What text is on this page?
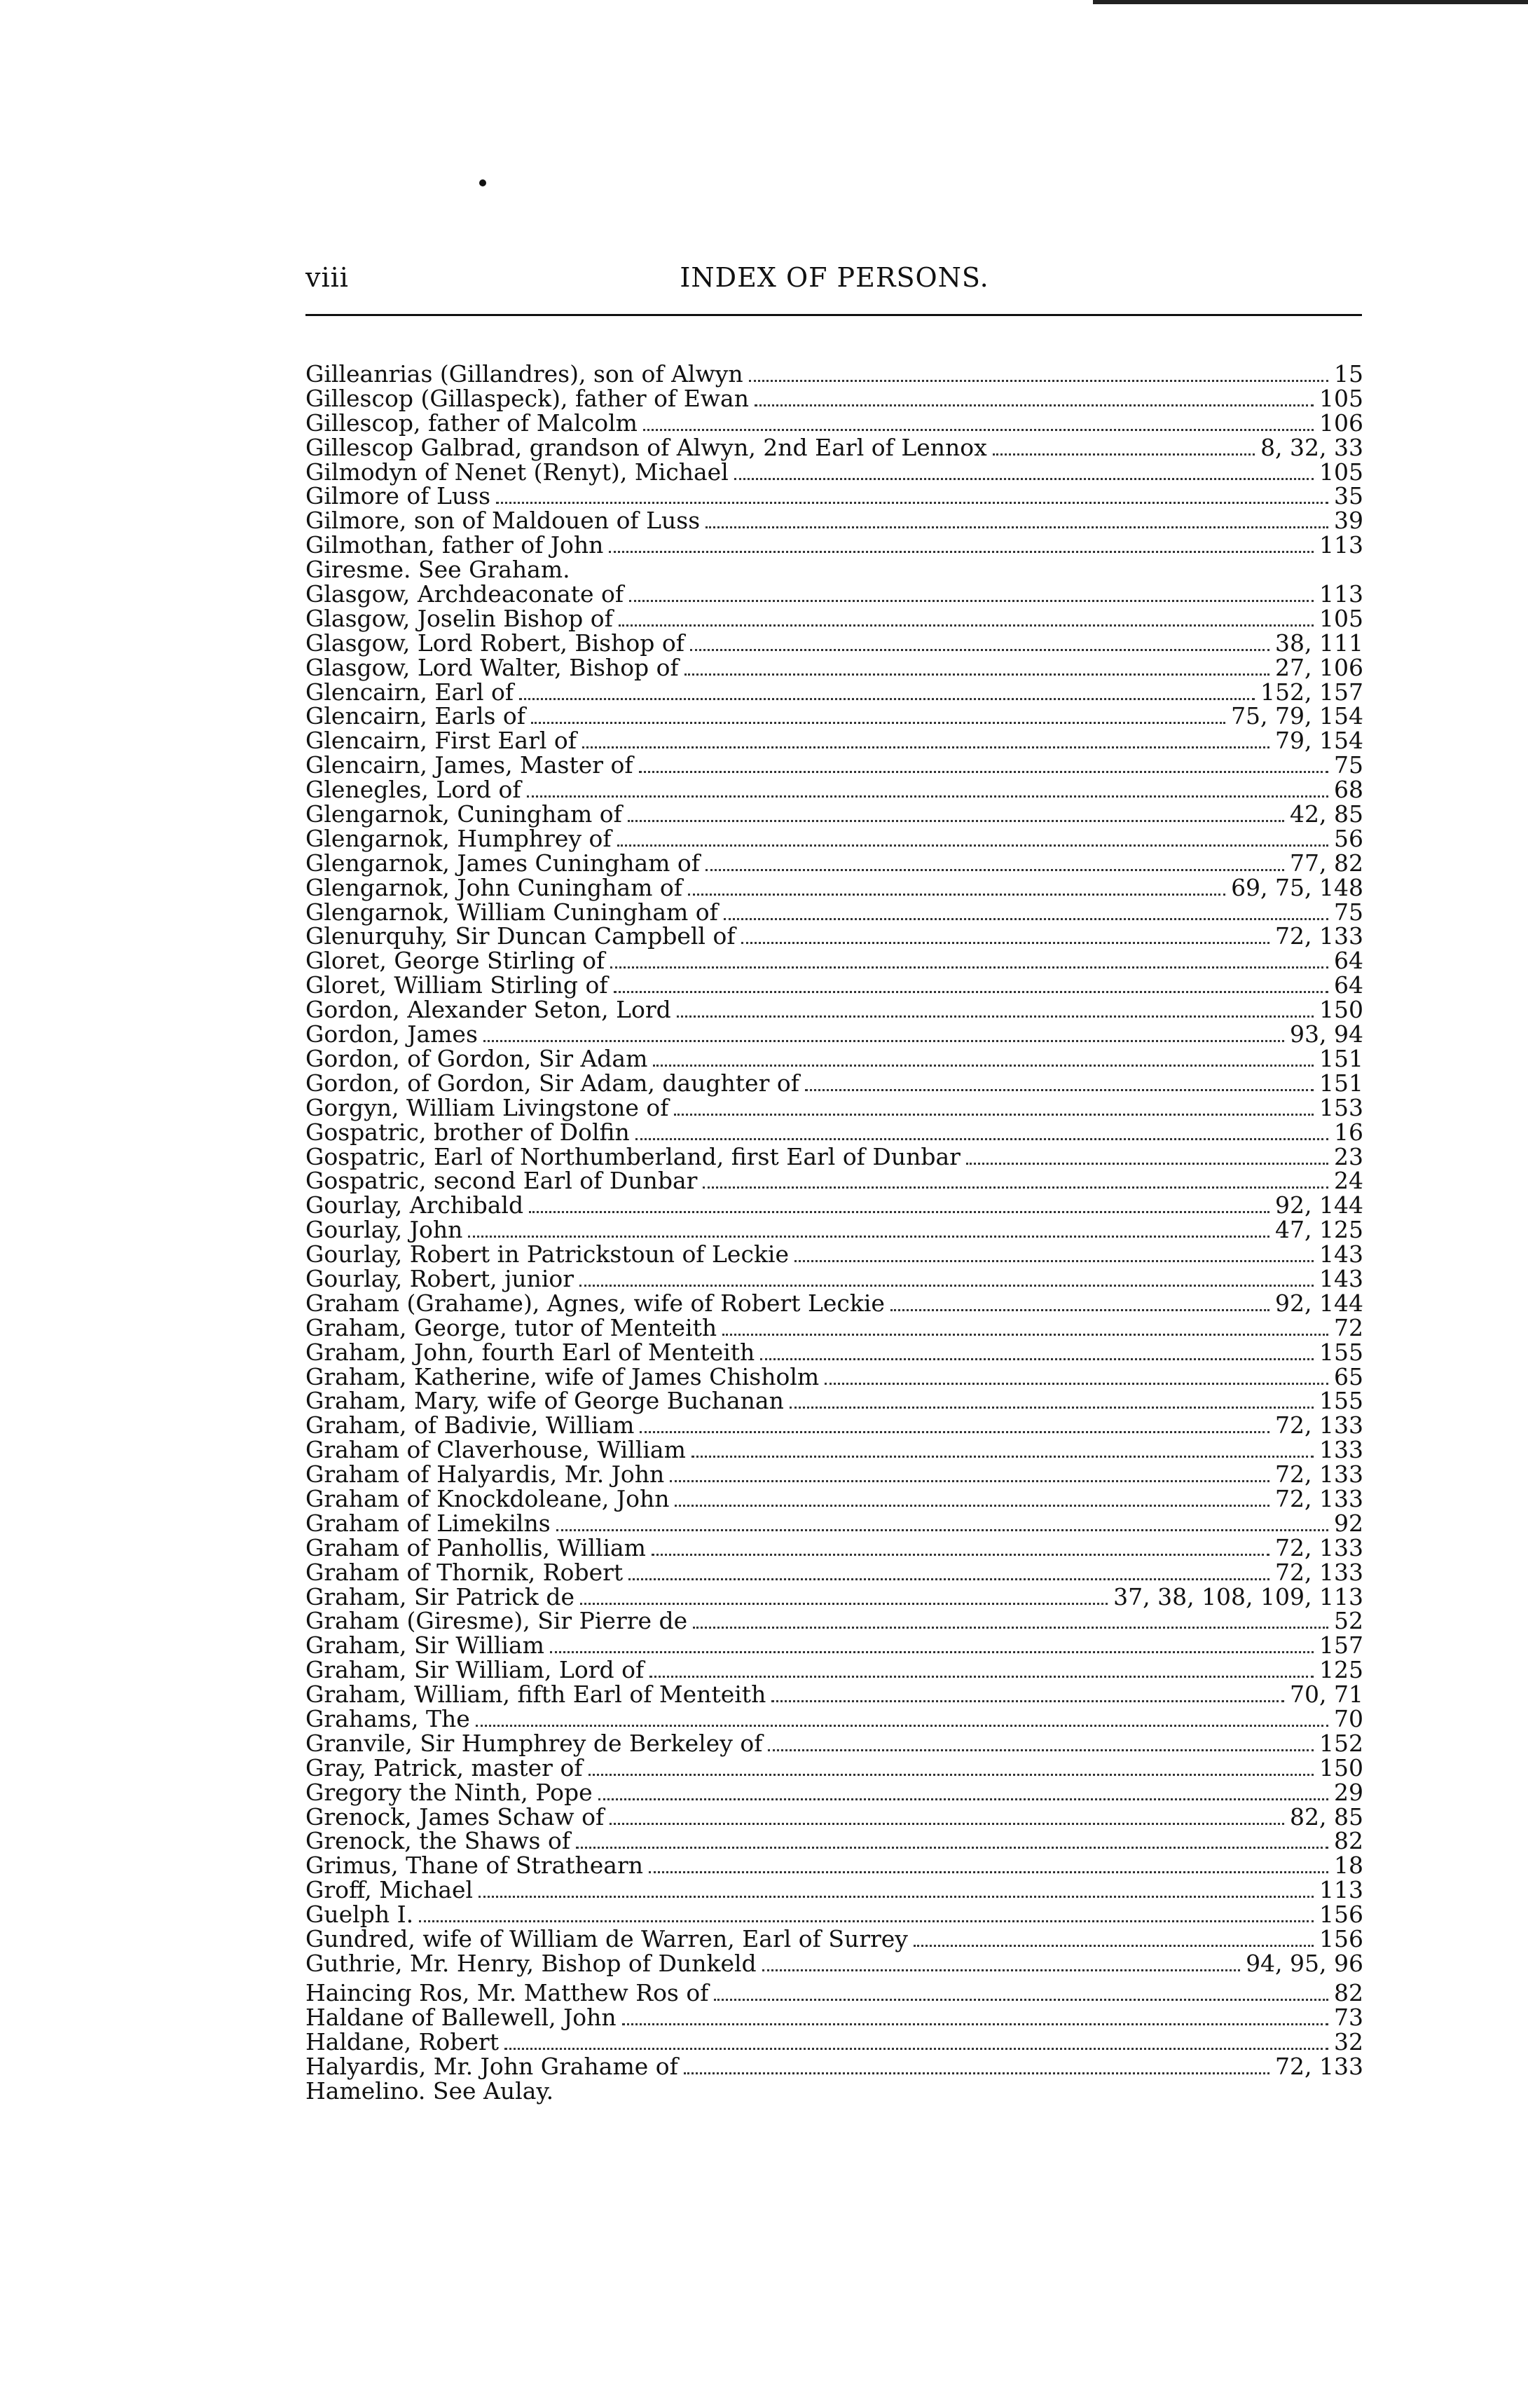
viii	INDEX OF PERSONS.
Gilleanrias (Gillandres), son of Alwyn	15
Gillescop (Gillaspeck), father of Ewan	105
Gillescop, father of Malcolm	106
Gillescop Galbrad, grandson of Alwyn, 2nd Earl of Lennox	8, 32, 33
Gilmodyn of Nenet (Renyt), Michael	105
Gilmore of Luss	35
Gilmore, son of Maldouen of Luss	39
Gilmothan, father of John	113
Giresme. See Graham.
Glasgow, Archdeaconate of	113
Glasgow, Joselin Bishop of	105
Glasgow, Lord Robert, Bishop of	38, 111
Glasgow, Lord Walter, Bishop of	27, 106
Glencairn, Earl of	152, 157
Glencairn, Earls of	75, 79, 154
Glencairn, First Earl of	79, 154
Glencairn, James, Master of	75
Glenegles, Lord of	68
Glengarnok, Cuningham of	42, 85
Glengarnok, Humphrey of	56
Glengarnok, James Cuningham of	77, 82
Glengarnok, John Cuningham of	69, 75, 148
Glengarnok, William Cuningham of	75
Glenurquhy, Sir Duncan Campbell of	72, 133
Gloret, George Stirling of	64
Gloret, William Stirling of	64
Gordon, Alexander Seton, Lord	150
Gordon, James	93, 94
Gordon, of Gordon, Sir Adam	151
Gordon, of Gordon, Sir Adam, daughter of	151
Gorgyn, William Livingstone of	153
Gospatric, brother of Dolfin	16
Gospatric, Earl of Northumberland, first Earl of Dunbar	23
Gospatric, second Earl of Dunbar	24
Gourlay, Archibald	92, 144
Gourlay, John	47, 125
Gourlay, Robert in Patrickstoun of Leckie	143
Gourlay, Robert, junior	143
Graham (Grahame), Agnes, wife of Robert Leckie	92, 144
Graham, George, tutor of Menteith	72
Graham, John, fourth Earl of Menteith	155
Graham, Katherine, wife of James Chisholm	65
Graham, Mary, wife of George Buchanan	155
Graham, of Badivie, William	72, 133
Graham of Claverhouse, William	133
Graham of Halyardis, Mr. John	72, 133
Graham of Knockdoleane, John	72, 133
Graham of Limekilns	92
Graham of Panhollis, William	72, 133
Graham of Thornik, Robert	72, 133
Graham, Sir Patrick de	37, 38, 108, 109, 113
Graham (Giresme), Sir Pierre de	52
Graham, Sir William	157
Graham, Sir William, Lord of	125
Graham, William, fifth Earl of Menteith	70, 71
Grahams, The	70
Granvile, Sir Humphrey de Berkeley of	152
Gray, Patrick, master of	150
Gregory the Ninth, Pope	29
Grenock, James Schaw of	82, 85
Grenock, the Shaws of	82
Grimus, Thane of Strathearn	18
Groff, Michael	113
Guelph I.	156
Gundred, wife of William de Warren, Earl of Surrey	156
Guthrie, Mr. Henry, Bishop of Dunkeld	94, 95, 96
Haincing Ros, Mr. Matthew Ros of	82
Haldane of Ballewell, John	73
Haldane, Robert	32
Halyardis, Mr. John Grahame of	72, 133
Hamelino. See Aulay.
